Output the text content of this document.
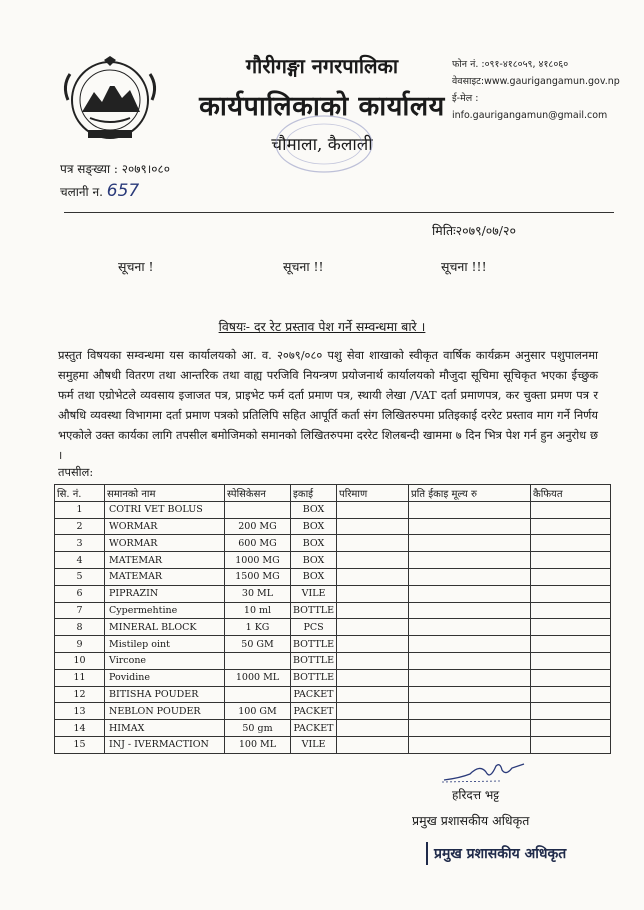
गौरीगङ्गा नगरपालिका
कार्यपालिकाको कार्यालय
चौमाला, कैलाली
फोन नं. :०९१-४१८०५९, ४१८०६०
वेवसाइट:www.gaurigangamun.gov.np
ई-मेल :
info.gaurigangamun@gmail.com
पत्र सङ्ख्या : २०७९।०८०
चलानी न. 657
मितिः२०७९/०७/२०
सूचना !	सूचना !!	सूचना !!!
विषयः- दर रेट प्रस्ताव पेश गर्ने सम्वन्धमा बारे ।
प्रस्तुत विषयका सम्वन्धमा यस कार्यालयको आ. व. २०७९/०८० पशु सेवा शाखाको स्वीकृत वार्षिक कार्यक्रम अनुसार पशुपालनमा समुहमा औषधी वितरण तथा आन्तरिक तथा वाह्य परजिवि नियन्त्रण प्रयोजनार्थ कार्यालयको मौजुदा सूचिमा सूचिकृत भएका ईच्छुक फर्म तथा एग्रोभेटले व्यवसाय इजाजत पत्र, प्राइभेट फर्म दर्ता प्रमाण पत्र, स्थायी लेखा /VAT दर्ता प्रमाणपत्र, कर चुक्ता प्रमण पत्र र औषधि व्यवस्था विभागमा दर्ता प्रमाण पत्रको प्रतिलिपि सहित आपूर्ति कर्ता संग लिखितरुपमा प्रतिइकाई दररेट प्रस्ताव माग गर्ने निर्णय भएकोले उक्त कार्यका लागि तपसील बमोजिमको समानको लिखितरुपमा दररेट शिलबन्दी खाममा ७ दिन भित्र पेश गर्न हुन अनुरोध छ ।
तपसील:
सि. नं.	समानको नाम	स्पेसिकेसन	इकाई	परिमाण	प्रति ईकाइ मूल्य रु	कैफियत
1	COTRI VET BOLUS		BOX			
2	WORMAR	200 MG	BOX			
3	WORMAR	600 MG	BOX			
4	MATEMAR	1000 MG	BOX			
5	MATEMAR	1500 MG	BOX			
6	PIPRAZIN	30 ML	VILE			
7	Cypermehtine	10 ml	BOTTLE			
8	MINERAL BLOCK	1 KG	PCS			
9	Mistilep oint	50 GM	BOTTLE			
10	Vircone		BOTTLE			
11	Povidine	1000 ML	BOTTLE			
12	BITISHA POUDER		PACKET			
13	NEBLON POUDER	100 GM	PACKET			
14	HIMAX	50 gm	PACKET			
15	INJ - IVERMACTION	100 ML	VILE			
हरिदत्त भट्ट
प्रमुख प्रशासकीय अधिकृत
प्रमुख प्रशासकीय अधिकृत
